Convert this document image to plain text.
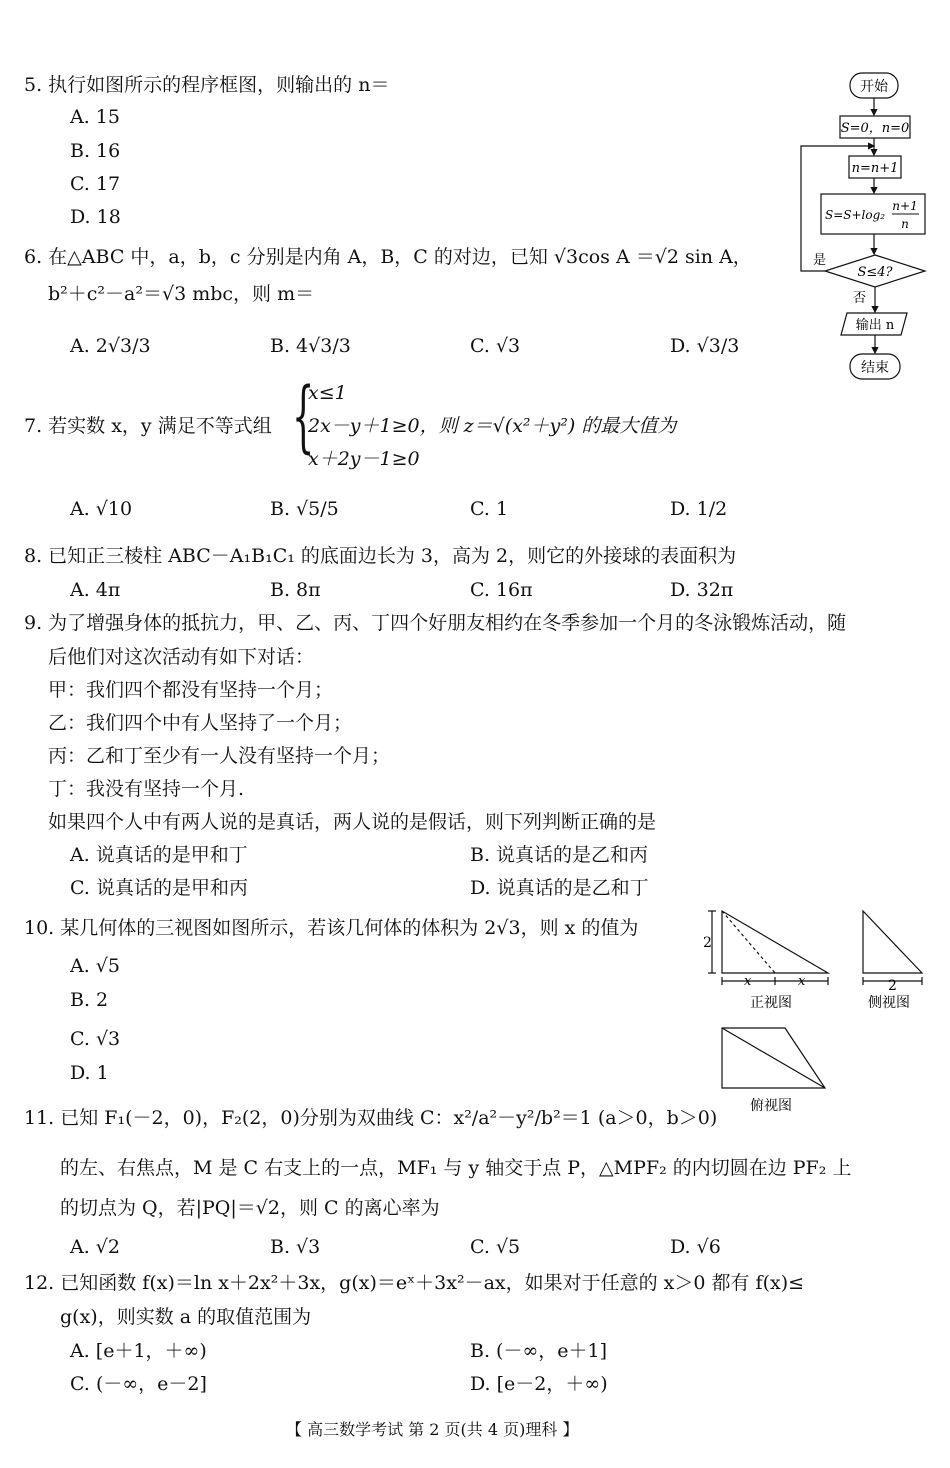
5. 执行如图所示的程序框图，则输出的 n＝
A. 15
B. 16
C. 17
D. 18
开始
S=0，n=0
n=n+1
S=S+log₂
n+1
n
S≤4?
是
否
输出 n
结束
6. 在△ABC 中，a，b，c 分别是内角 A，B，C 的对边，已知 √3cos A ＝√2 sin A，
b²＋c²－a²＝√3 mbc，则 m＝
A. 2√3/3	B. 4√3/3	C. √3	D. √3/3
7. 若实数 x，y 满足不等式组 {
x≤1
2x－y＋1≥0，则 z＝√(x²＋y²) 的最大值为
x＋2y－1≥0
A. √10	B. √5/5	C. 1	D. 1/2
8. 已知正三棱柱 ABC－A₁B₁C₁ 的底面边长为 3，高为 2，则它的外接球的表面积为
A. 4π	B. 8π	C. 16π	D. 32π
9. 为了增强身体的抵抗力，甲、乙、丙、丁四个好朋友相约在冬季参加一个月的冬泳锻炼活动，随
后他们对这次活动有如下对话：
甲：我们四个都没有坚持一个月；
乙：我们四个中有人坚持了一个月；
丙：乙和丁至少有一人没有坚持一个月；
丁：我没有坚持一个月.
如果四个人中有两人说的是真话，两人说的是假话，则下列判断正确的是
A. 说真话的是甲和丁	B. 说真话的是乙和丙
C. 说真话的是甲和丙	D. 说真话的是乙和丁
10. 某几何体的三视图如图所示，若该几何体的体积为 2√3，则 x 的值为
A. √5
B. 2
C. √3
D. 1
2
x	x	2
正视图	侧视图
俯视图
11. 已知 F₁(－2，0)，F₂(2，0)分别为双曲线 C：x²/a²－y²/b²＝1 (a＞0，b＞0)
的左、右焦点，M 是 C 右支上的一点，MF₁ 与 y 轴交于点 P，△MPF₂ 的内切圆在边 PF₂ 上
的切点为 Q，若|PQ|＝√2，则 C 的离心率为
A. √2	B. √3	C. √5	D. √6
12. 已知函数 f(x)＝ln x＋2x²＋3x，g(x)＝eˣ＋3x²－ax，如果对于任意的 x＞0 都有 f(x)≤
g(x)，则实数 a 的取值范围为
A. [e＋1，＋∞)	B. (－∞，e＋1]
C. (－∞，e－2]	D. [e－2，＋∞)
【 高三数学考试 第 2 页(共 4 页)理科 】
